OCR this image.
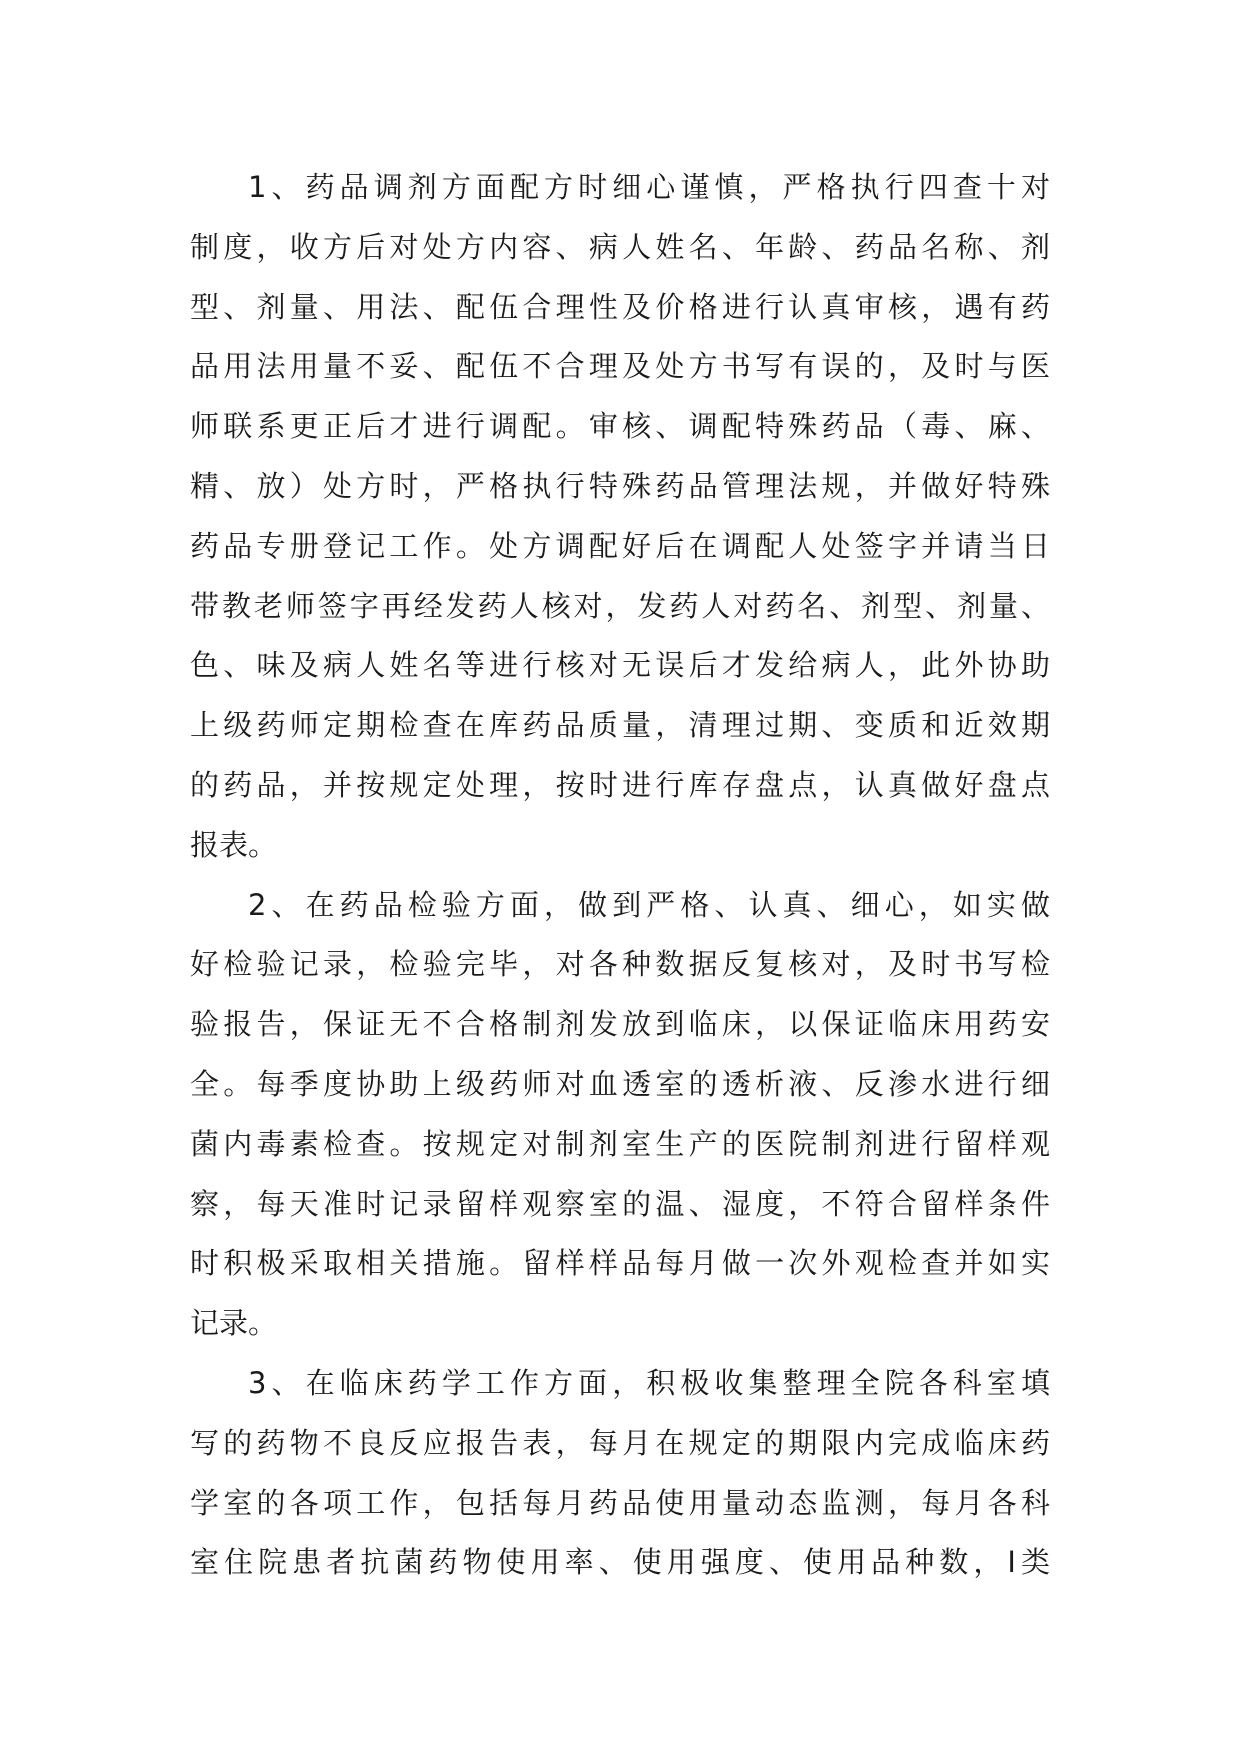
1、药品调剂方面配方时细心谨慎，严格执行四查十对
制度，收方后对处方内容、病人姓名、年龄、药品名称、剂
型、剂量、用法、配伍合理性及价格进行认真审核，遇有药
品用法用量不妥、配伍不合理及处方书写有误的，及时与医
师联系更正后才进行调配。审核、调配特殊药品（毒、麻、
精、放）处方时，严格执行特殊药品管理法规，并做好特殊
药品专册登记工作。处方调配好后在调配人处签字并请当日
带教老师签字再经发药人核对，发药人对药名、剂型、剂量、
色、味及病人姓名等进行核对无误后才发给病人，此外协助
上级药师定期检查在库药品质量，清理过期、变质和近效期
的药品，并按规定处理，按时进行库存盘点，认真做好盘点
报表。
2、在药品检验方面，做到严格、认真、细心，如实做
好检验记录，检验完毕，对各种数据反复核对，及时书写检
验报告，保证无不合格制剂发放到临床，以保证临床用药安
全。每季度协助上级药师对血透室的透析液、反渗水进行细
菌内毒素检查。按规定对制剂室生产的医院制剂进行留样观
察，每天准时记录留样观察室的温、湿度，不符合留样条件
时积极采取相关措施。留样样品每月做一次外观检查并如实
记录。
3、在临床药学工作方面，积极收集整理全院各科室填
写的药物不良反应报告表，每月在规定的期限内完成临床药
学室的各项工作，包括每月药品使用量动态监测，每月各科
室住院患者抗菌药物使用率、使用强度、使用品种数，Ⅰ类
